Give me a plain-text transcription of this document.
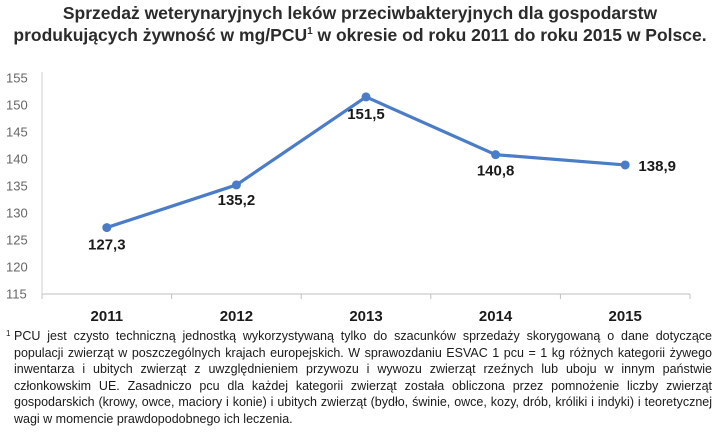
Sprzedaż weterynaryjnych leków przeciwbakteryjnych dla gospodarstw
produkujących żywność w mg/PCU$^1$ w okresie od roku 2011 do roku 2015 w Polsce.
115
120
125
130
135
140
145
150
155
2011	2012	2013	2014	2015
127,3
135,2
151,5
140,8	138,9
1 PCU jest czysto techniczną jednostką wykorzystywaną tylko do szacunków sprzedaży skorygowaną o dane dotyczące populacji zwierząt w poszczególnych krajach europejskich. W sprawozdaniu ESVAC 1 pcu = 1 kg różnych kategorii żywego inwentarza i ubitych zwierząt z uwzględnieniem przywozu i wywozu zwierząt rzeźnych lub uboju w innym państwie członkowskim UE. Zasadniczo pcu dla każdej kategorii zwierząt została obliczona przez pomnożenie liczby zwierząt gospodarskich (krowy, owce, maciory i konie) i ubitych zwierząt (bydło, świnie, owce, kozy, drób, króliki i indyki) i teoretycznej wagi w momencie prawdopodobnego ich leczenia.
